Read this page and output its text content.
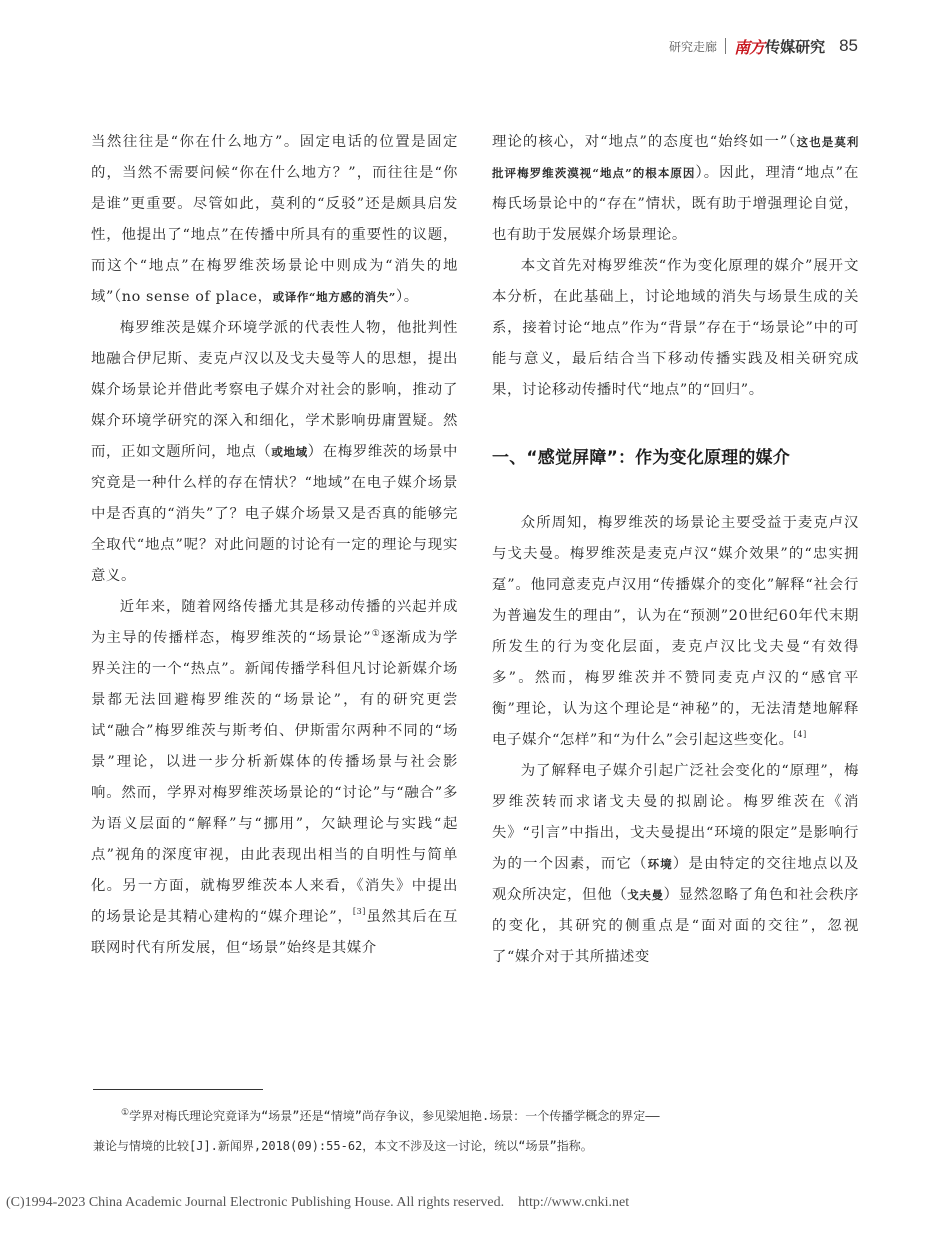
研究走廊 南方 传媒研究 85

当然往往是“你在什么地方”。固定电话的位置是固定的，当然不需要问候“你在什么地方？”，而往往是“你是谁”更重要。尽管如此，莫利的“反驳”还是颇具启发性，他提出了“地点”在传播中所具有的重要性的议题，而这个“地点”在梅罗维茨场景论中则成为“消失的地域”（no sense of place，或译作“地方感的消失”）。

梅罗维茨是媒介环境学派的代表性人物，他批判性地融合伊尼斯、麦克卢汉以及戈夫曼等人的思想，提出媒介场景论并借此考察电子媒介对社会的影响，推动了媒介环境学研究的深入和细化，学术影响毋庸置疑。然而，正如文题所问，地点（或地域）在梅罗维茨的场景中究竟是一种什么样的存在情状？“地域”在电子媒介场景中是否真的“消失”了？电子媒介场景又是否真的能够完全取代“地点”呢？对此问题的讨论有一定的理论与现实意义。

近年来，随着网络传播尤其是移动传播的兴起并成为主导的传播样态，梅罗维茨的“场景论”①逐渐成为学界关注的一个“热点”。新闻传播学科但凡讨论新媒介场景都无法回避梅罗维茨的“场景论”，有的研究更尝试“融合”梅罗维茨与斯考伯、伊斯雷尔两种不同的“场景”理论，以进一步分析新媒体的传播场景与社会影响。然而，学界对梅罗维茨场景论的“讨论”与“融合”多为语义层面的“解释”与“挪用”，欠缺理论与实践“起点”视角的深度审视，由此表现出相当的自明性与简单化。另一方面，就梅罗维茨本人来看，《消失》中提出的场景论是其精心建构的“媒介理论”，[3]虽然其后在互联网时代有所发展，但“场景”始终是其媒介

理论的核心，对“地点”的态度也“始终如一”（这也是莫利批评梅罗维茨漠视“地点”的根本原因）。因此，理清“地点”在梅氏场景论中的“存在”情状，既有助于增强理论自觉，也有助于发展媒介场景理论。

本文首先对梅罗维茨“作为变化原理的媒介”展开文本分析，在此基础上，讨论地域的消失与场景生成的关系，接着讨论“地点”作为“背景”存在于“场景论”中的可能与意义，最后结合当下移动传播实践及相关研究成果，讨论移动传播时代“地点”的“回归”。

一、“感觉屏障”：作为变化原理的媒介

众所周知，梅罗维茨的场景论主要受益于麦克卢汉与戈夫曼。梅罗维茨是麦克卢汉“媒介效果”的“忠实拥趸”。他同意麦克卢汉用“传播媒介的变化”解释“社会行为普遍发生的理由”，认为在“预测”20世纪60年代末期所发生的行为变化层面，麦克卢汉比戈夫曼“有效得多”。然而，梅罗维茨并不赞同麦克卢汉的“感官平衡”理论，认为这个理论是“神秘”的，无法清楚地解释电子媒介“怎样”和“为什么”会引起这些变化。[4]

为了解释电子媒介引起广泛社会变化的“原理”，梅罗维茨转而求诸戈夫曼的拟剧论。梅罗维茨在《消失》“引言”中指出，戈夫曼提出“环境的限定”是影响行为的一个因素，而它（环境）是由特定的交往地点以及观众所决定，但他（戈夫曼）显然忽略了角色和社会秩序的变化，其研究的侧重点是“面对面的交往”，忽视了“媒介对于其所描述变

①学界对梅氏理论究竟译为“场景”还是“情境”尚存争议，参见梁旭艳.场景：一个传播学概念的界定——
兼论与情境的比较[J].新闻界,2018(09):55-62，本文不涉及这一讨论，统以“场景”指称。
(C)1994-2023 China Academic Journal Electronic Publishing House. All rights reserved. http://www.cnki.net
